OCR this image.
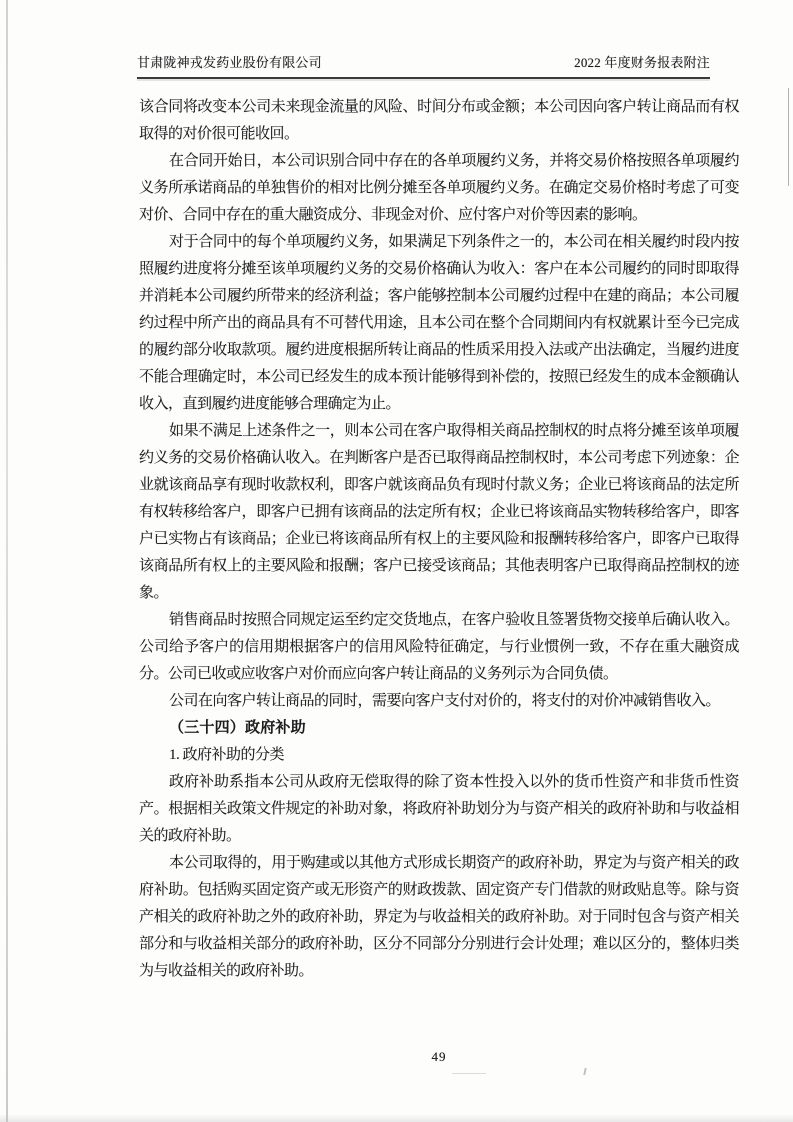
甘肃陇神戎发药业股份有限公司	2022 年度财务报表附注

该合同将改变本公司未来现金流量的风险、时间分布或金额；本公司因向客户转让商品而有权取得的对价很可能收回。

在合同开始日，本公司识别合同中存在的各单项履约义务，并将交易价格按照各单项履约义务所承诺商品的单独售价的相对比例分摊至各单项履约义务。在确定交易价格时考虑了可变对价、合同中存在的重大融资成分、非现金对价、应付客户对价等因素的影响。

对于合同中的每个单项履约义务，如果满足下列条件之一的，本公司在相关履约时段内按照履约进度将分摊至该单项履约义务的交易价格确认为收入：客户在本公司履约的同时即取得并消耗本公司履约所带来的经济利益；客户能够控制本公司履约过程中在建的商品；本公司履约过程中所产出的商品具有不可替代用途，且本公司在整个合同期间内有权就累计至今已完成的履约部分收取款项。履约进度根据所转让商品的性质采用投入法或产出法确定，当履约进度不能合理确定时，本公司已经发生的成本预计能够得到补偿的，按照已经发生的成本金额确认收入，直到履约进度能够合理确定为止。

如果不满足上述条件之一，则本公司在客户取得相关商品控制权的时点将分摊至该单项履约义务的交易价格确认收入。在判断客户是否已取得商品控制权时，本公司考虑下列迹象：企业就该商品享有现时收款权利，即客户就该商品负有现时付款义务；企业已将该商品的法定所有权转移给客户，即客户已拥有该商品的法定所有权；企业已将该商品实物转移给客户，即客户已实物占有该商品；企业已将该商品所有权上的主要风险和报酬转移给客户，即客户已取得该商品所有权上的主要风险和报酬；客户已接受该商品；其他表明客户已取得商品控制权的迹象。

销售商品时按照合同规定运至约定交货地点，在客户验收且签署货物交接单后确认收入。公司给予客户的信用期根据客户的信用风险特征确定，与行业惯例一致，不存在重大融资成分。公司已收或应收客户对价而应向客户转让商品的义务列示为合同负债。

公司在向客户转让商品的同时，需要向客户支付对价的，将支付的对价冲减销售收入。

（三十四）政府补助

1. 政府补助的分类

政府补助系指本公司从政府无偿取得的除了资本性投入以外的货币性资产和非货币性资产。根据相关政策文件规定的补助对象，将政府补助划分为与资产相关的政府补助和与收益相关的政府补助。

本公司取得的，用于购建或以其他方式形成长期资产的政府补助，界定为与资产相关的政府补助。包括购买固定资产或无形资产的财政拨款、固定资产专门借款的财政贴息等。除与资产相关的政府补助之外的政府补助，界定为与收益相关的政府补助。对于同时包含与资产相关部分和与收益相关部分的政府补助，区分不同部分分别进行会计处理；难以区分的，整体归类为与收益相关的政府补助。

49
